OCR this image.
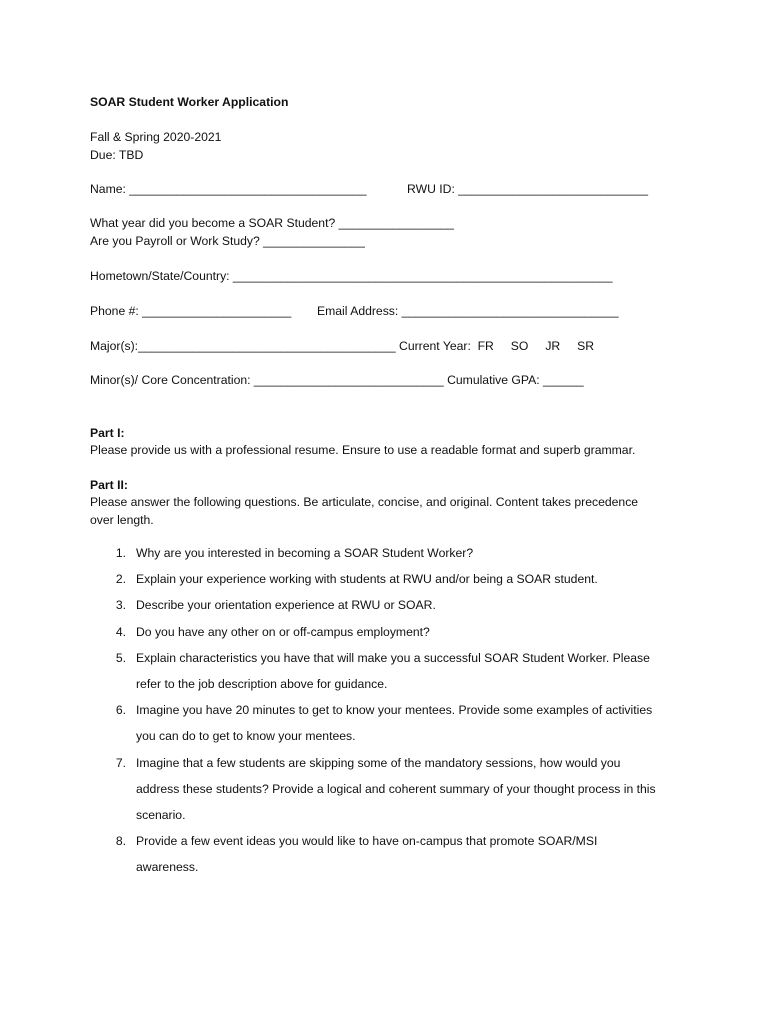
SOAR Student Worker Application
Fall & Spring 2020-2021
Due: TBD
Name: ___________________________________	RWU ID: ____________________________
What year did you become a SOAR Student? _________________
Are you Payroll or Work Study? _______________
Hometown/State/Country: ________________________________________________________
Phone #: ______________________ Email Address: ________________________________
Major(s):______________________________________ Current Year:  FR     SO     JR     SR
Minor(s)/ Core Concentration: ____________________________ Cumulative GPA: ______
Part I:
Please provide us with a professional resume. Ensure to use a readable format and superb grammar.
Part II:
Please answer the following questions. Be articulate, concise, and original. Content takes precedence
over length.
1. Why are you interested in becoming a SOAR Student Worker?
2. Explain your experience working with students at RWU and/or being a SOAR student.
3. Describe your orientation experience at RWU or SOAR.
4. Do you have any other on or off-campus employment?
5. Explain characteristics you have that will make you a successful SOAR Student Worker. Please
refer to the job description above for guidance.
6. Imagine you have 20 minutes to get to know your mentees. Provide some examples of activities
you can do to get to know your mentees.
7. Imagine that a few students are skipping some of the mandatory sessions, how would you
address these students? Provide a logical and coherent summary of your thought process in this
scenario.
8. Provide a few event ideas you would like to have on-campus that promote SOAR/MSI
awareness.
